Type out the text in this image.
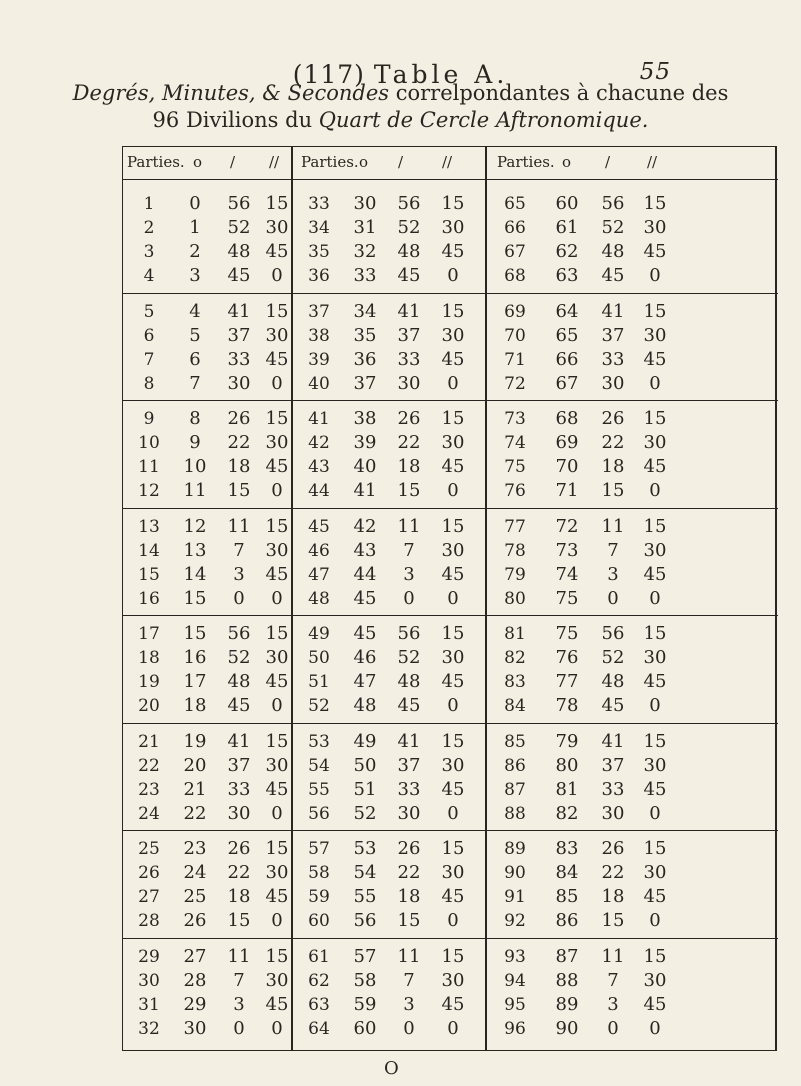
(117) Table A.	55
Degrés, Minutes, & Secondes correlpondantes à chacune des
96 Divilions du Quart de Cercle Aftronomique.
Parties. o / //
1	0	56 15
2	1	52 30
3	2	48 45
4	3	45	0
5	4	41 15
6	5	37 30
7	6	33 45
8	7	30	0
9	8	26 15
10	9	22 30
11	10	18 45
12	11	15	0
13	12	11 15
14	13	7	30
15	14	3	45
16	15	0	0
17	15	56 15
18	16	52 30
19	17	48 45
20	18	45	0
21	19	41 15
22	20	37 30
23	21	33 45
24	22	30	0
25	23	26 15
26	24	22 30
27	25	18 45
28	26	15	0
29	27	11 15
30	28	7	30
31	29	3	45
32	30	0	0
Parties. o /	//
33	30	56	15
34	31	52	30
35	32	48	45
36	33	45	0
37	34	41	15
38	35	37	30
39	36	33	45
40	37	30	0
41	38	26	15
42	39	22	30
43	40	18	45
44	41	15	0
45	42	11	15
46	43	7	30
47	44	3	45
48	45	0	0
49	45	56	15
50	46	52	30
51	47	48	45
52	48	45	0
53	49	41	15
54	50	37	30
55	51	33	45
56	52	30	0
57	53	26	15
58	54	22	30
59	55	18	45
60	56	15	0
61	57	11	15
62	58	7	30
63	59	3	45
64	60	0	0
Parties. o / //
65	60	56	15
66	61	52	30
67	62	48	45
68	63	45	0
69	64	41	15
70	65	37	30
71	66	33	45
72	67	30	0
73	68	26	15
74	69	22	30
75	70	18	45
76	71	15	0
77	72	11	15
78	73	7	30
79	74	3	45
80	75	0	0
81	75	56	15
82	76	52	30
83	77	48	45
84	78	45	0
85	79	41	15
86	80	37	30
87	81	33	45
88	82	30	0
89	83	26	15
90	84	22	30
91	85	18	45
92	86	15	0
93	87	11	15
94	88	7	30
95	89	3	45
96	90	0	0
O
